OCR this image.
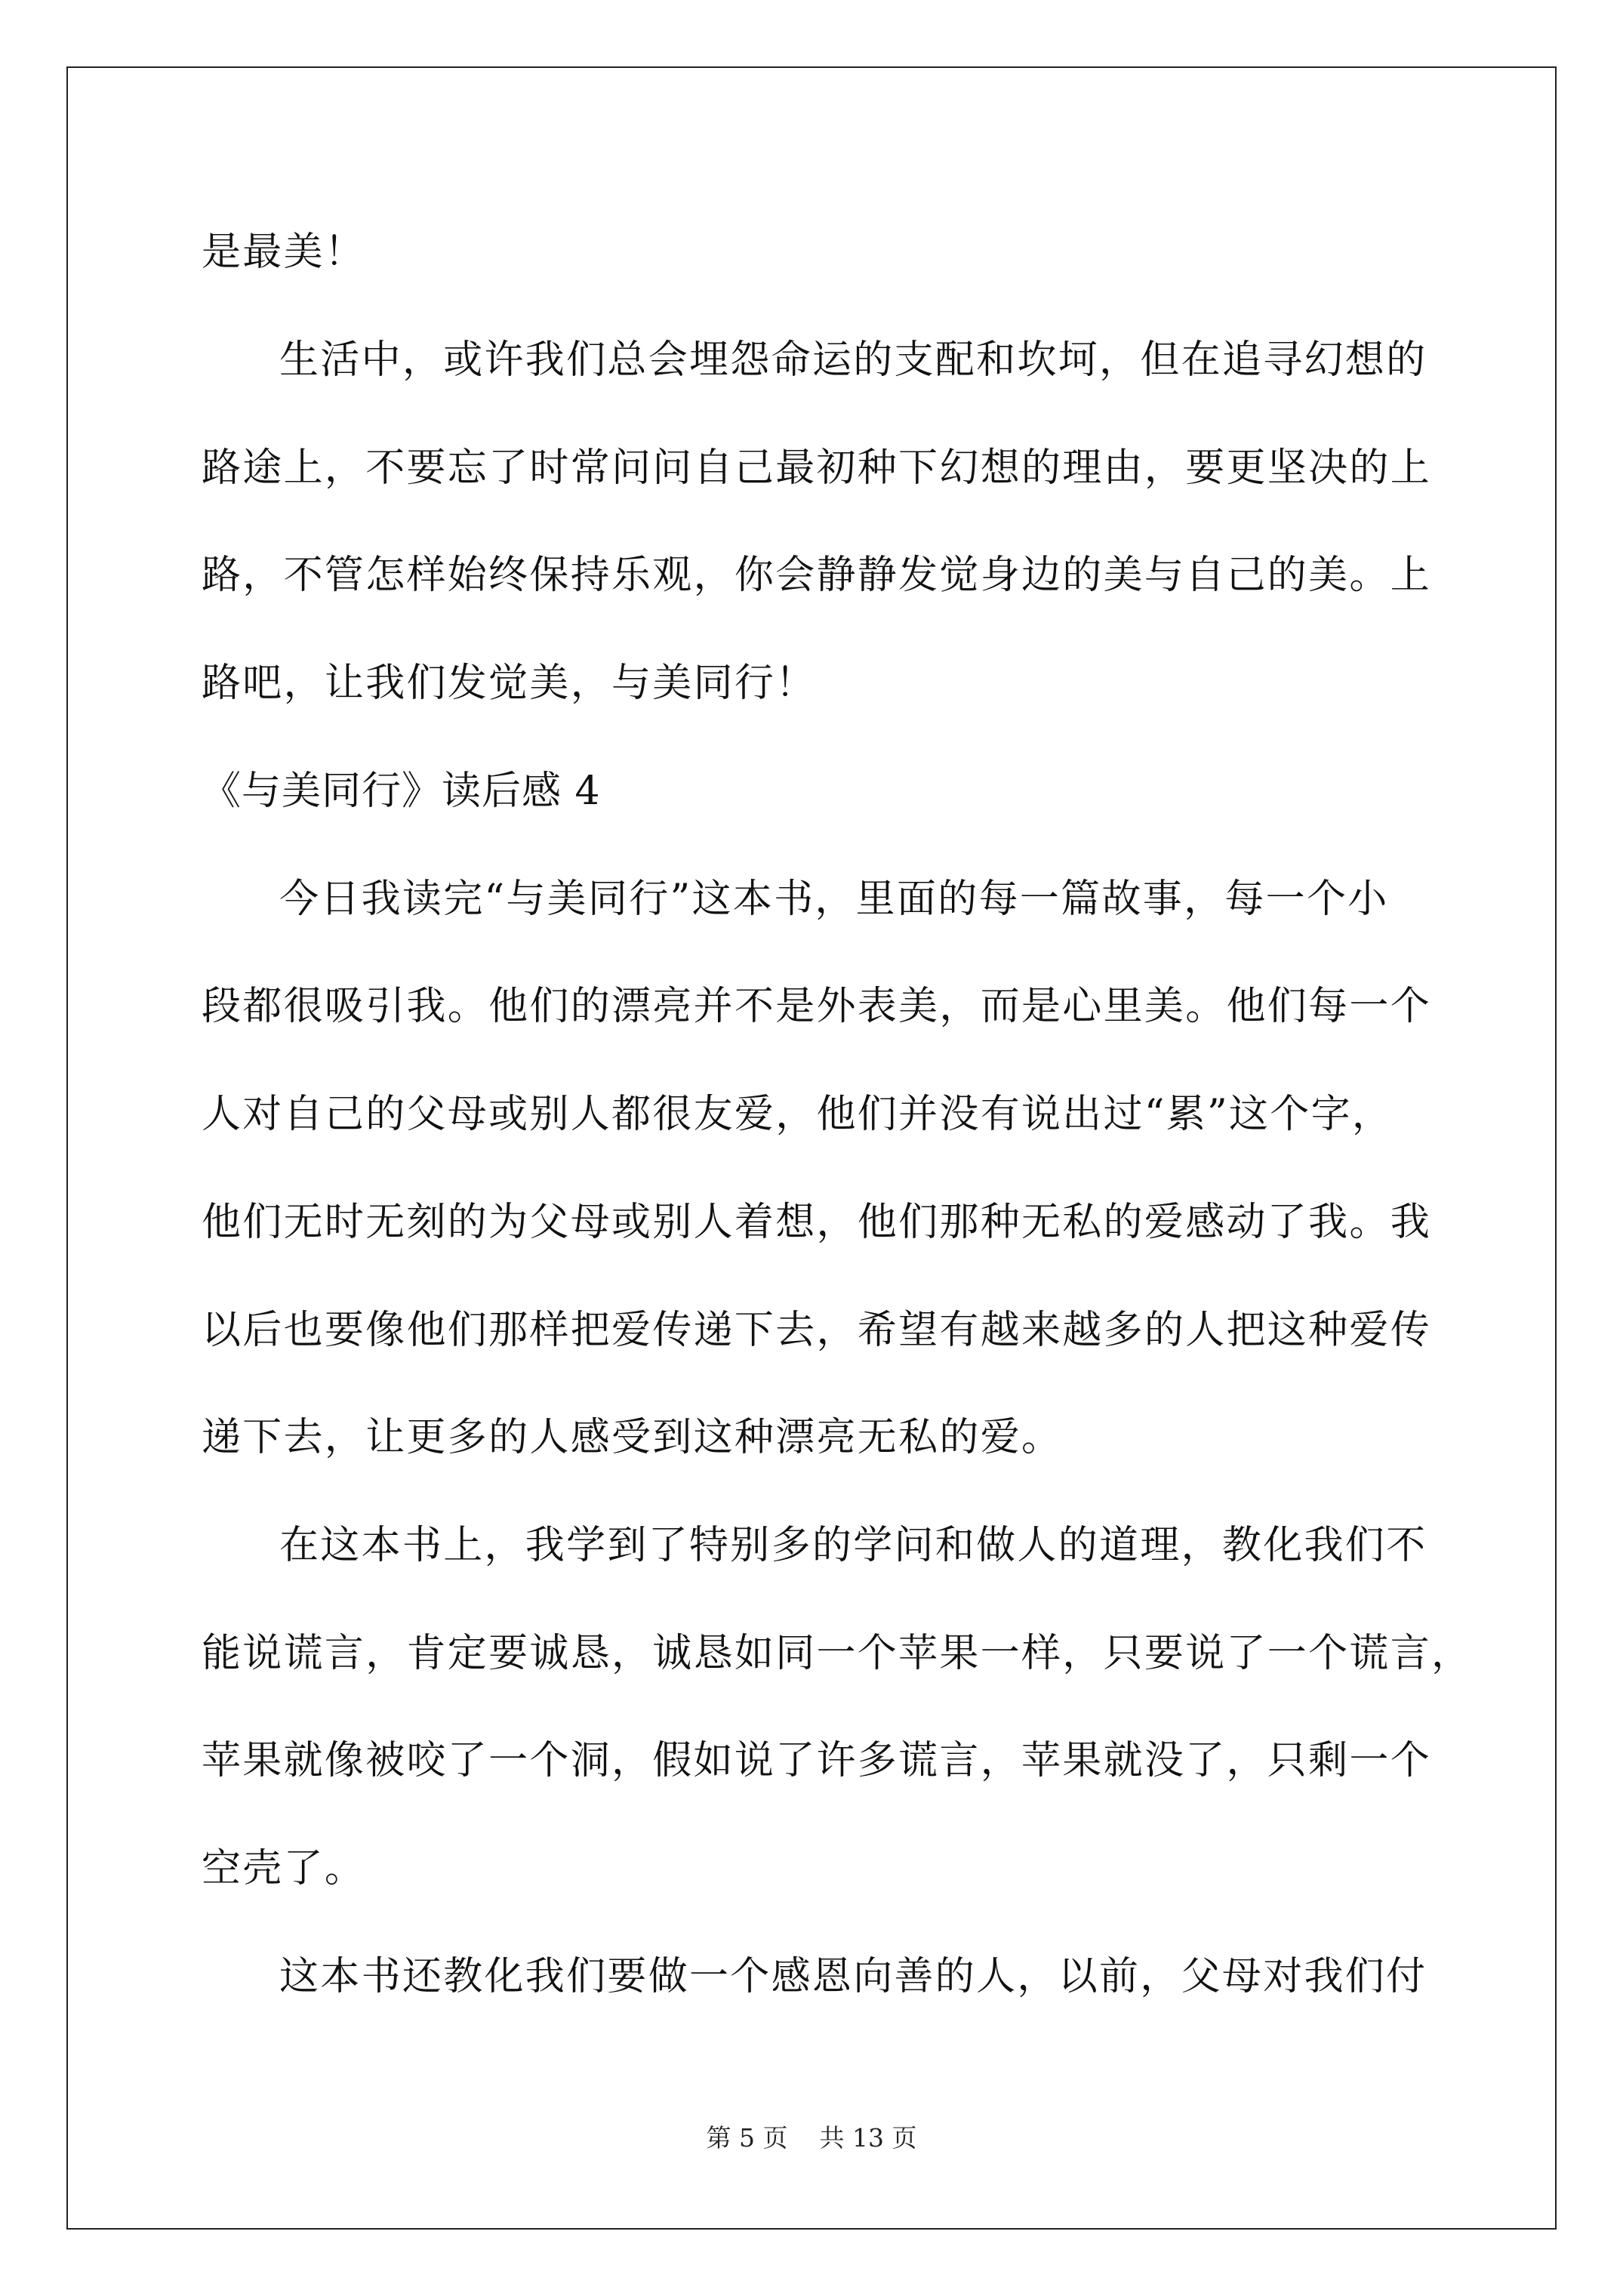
是最美！
生活中，或许我们总会埋怨命运的支配和坎坷，但在追寻幻想的
路途上，不要忘了时常问问自己最初种下幻想的理由，要更坚决的上
路，不管怎样始终保持乐观，你会静静发觉身边的美与自己的美。上
路吧，让我们发觉美，与美同行！
《与美同行》读后感 4
今日我读完“与美同行”这本书，里面的每一篇故事，每一个小
段都很吸引我。他们的漂亮并不是外表美，而是心里美。他们每一个
人对自己的父母或别人都很友爱，他们并没有说出过“累”这个字，
他们无时无刻的为父母或别人着想，他们那种无私的爱感动了我。我
以后也要像他们那样把爱传递下去，希望有越来越多的人把这种爱传
递下去，让更多的人感受到这种漂亮无私的爱。
在这本书上，我学到了特别多的学问和做人的道理，教化我们不
能说谎言，肯定要诚恳，诚恳如同一个苹果一样，只要说了一个谎言，
苹果就像被咬了一个洞，假如说了许多谎言，苹果就没了，只剩一个
空壳了。
这本书还教化我们要做一个感恩向善的人，以前，父母对我们付
第 5 页    共 13 页
